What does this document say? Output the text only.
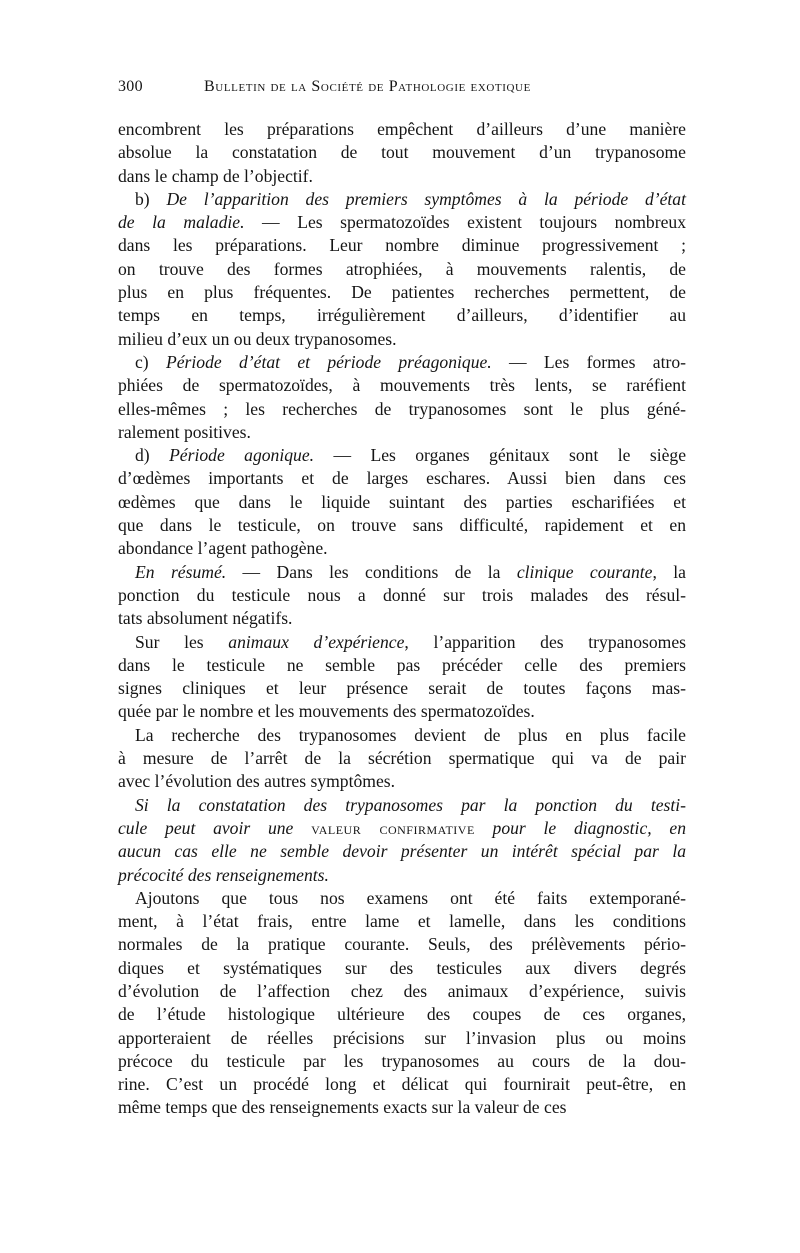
300	Bulletin de la Société de Pathologie exotique
encombrent les préparations empêchent d’ailleurs d’une manière
absolue la constatation de tout mouvement d’un trypanosome
dans le champ de l’objectif.
b) De l’apparition des premiers symptômes à la période d’état
de la maladie. — Les spermatozoïdes existent toujours nombreux
dans les préparations. Leur nombre diminue progressivement ;
on trouve des formes atrophiées, à mouvements ralentis, de
plus en plus fréquentes. De patientes recherches permettent, de
temps en temps, irrégulièrement d’ailleurs, d’identifier au
milieu d’eux un ou deux trypanosomes.
c) Période d’état et période préagonique. — Les formes atro-
phiées de spermatozoïdes, à mouvements très lents, se raréfient
elles-mêmes ; les recherches de trypanosomes sont le plus géné-
ralement positives.
d) Période agonique. — Les organes génitaux sont le siège
d’œdèmes importants et de larges eschares. Aussi bien dans ces
œdèmes que dans le liquide suintant des parties escharifiées et
que dans le testicule, on trouve sans difficulté, rapidement et en
abondance l’agent pathogène.
En résumé. — Dans les conditions de la clinique courante, la
ponction du testicule nous a donné sur trois malades des résul-
tats absolument négatifs.
Sur les animaux d’expérience, l’apparition des trypanosomes
dans le testicule ne semble pas précéder celle des premiers
signes cliniques et leur présence serait de toutes façons mas-
quée par le nombre et les mouvements des spermatozoïdes.
La recherche des trypanosomes devient de plus en plus facile
à mesure de l’arrêt de la sécrétion spermatique qui va de pair
avec l’évolution des autres symptômes.
Si la constatation des trypanosomes par la ponction du testi-
cule peut avoir une valeur confirmative pour le diagnostic, en
aucun cas elle ne semble devoir présenter un intérêt spécial par la
précocité des renseignements.
Ajoutons que tous nos examens ont été faits extemporané-
ment, à l’état frais, entre lame et lamelle, dans les conditions
normales de la pratique courante. Seuls, des prélèvements pério-
diques et systématiques sur des testicules aux divers degrés
d’évolution de l’affection chez des animaux d’expérience, suivis
de l’étude histologique ultérieure des coupes de ces organes,
apporteraient de réelles précisions sur l’invasion plus ou moins
précoce du testicule par les trypanosomes au cours de la dou-
rine. C’est un procédé long et délicat qui fournirait peut-être, en
même temps que des renseignements exacts sur la valeur de ces
